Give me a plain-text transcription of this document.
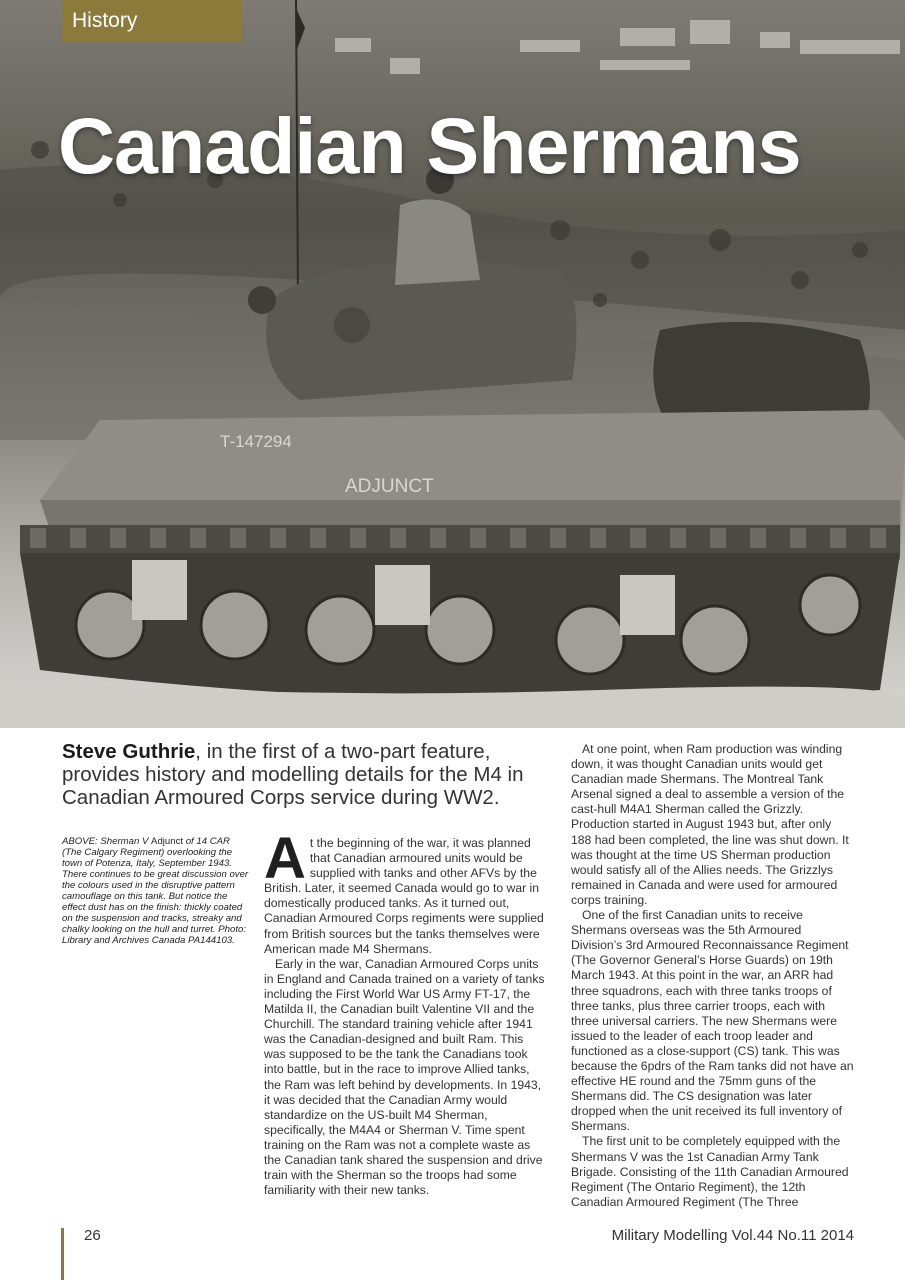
T-147294
ADJUNCT
History
Canadian Shermans
Steve Guthrie, in the first of a two-part feature, provides history and modelling details for the M4 in Canadian Armoured Corps service during WW2.
ABOVE: Sherman V Adjunct of 14 CAR (The Calgary Regiment) overlooking the town of Potenza, Italy, September 1943. There continues to be great discussion over the colours used in the disruptive pattern camouflage on this tank. But notice the effect dust has on the finish: thickly coated on the suspension and tracks, streaky and chalky looking on the hull and turret. Photo: Library and Archives Canada PA144103.

At the beginning of the war, it was planned that Canadian armoured units would be supplied with tanks and other AFVs by the British. Later, it seemed Canada would go to war in domestically produced tanks. As it turned out, Canadian Armoured Corps regiments were supplied from British sources but the tanks themselves were American made M4 Shermans.

Early in the war, Canadian Armoured Corps units in England and Canada trained on a variety of tanks including the First World War US Army FT-17, the Matilda II, the Canadian built Valentine VII and the Churchill. The standard training vehicle after 1941 was the Canadian-designed and built Ram. This was supposed to be the tank the Canadians took into battle, but in the race to improve Allied tanks, the Ram was left behind by developments. In 1943, it was decided that the Canadian Army would standardize on the US-built M4 Sherman, specifically, the M4A4 or Sherman V. Time spent training on the Ram was not a complete waste as the Canadian tank shared the suspension and drive train with the Sherman so the troops had some familiarity with their new tanks.

At one point, when Ram production was winding down, it was thought Canadian units would get Canadian made Shermans. The Montreal Tank Arsenal signed a deal to assemble a version of the cast-hull M4A1 Sherman called the Grizzly. Production started in August 1943 but, after only 188 had been completed, the line was shut down. It was thought at the time US Sherman production would satisfy all of the Allies needs. The Grizzlys remained in Canada and were used for armoured corps training.

One of the first Canadian units to receive Shermans overseas was the 5th Armoured Division’s 3rd Armoured Reconnaissance Regiment (The Governor General’s Horse Guards) on 19th March 1943. At this point in the war, an ARR had three squadrons, each with three tanks troops of three tanks, plus three carrier troops, each with three universal carriers. The new Shermans were issued to the leader of each troop leader and functioned as a close-support (CS) tank. This was because the 6pdrs of the Ram tanks did not have an effective HE round and the 75mm guns of the Shermans did. The CS designation was later dropped when the unit received its full inventory of Shermans.

The first unit to be completely equipped with the Shermans V was the 1st Canadian Army Tank Brigade. Consisting of the 11th Canadian Armoured Regiment (The Ontario Regiment), the 12th Canadian Armoured Regiment (The Three

26	Military Modelling Vol.44 No.11 2014
